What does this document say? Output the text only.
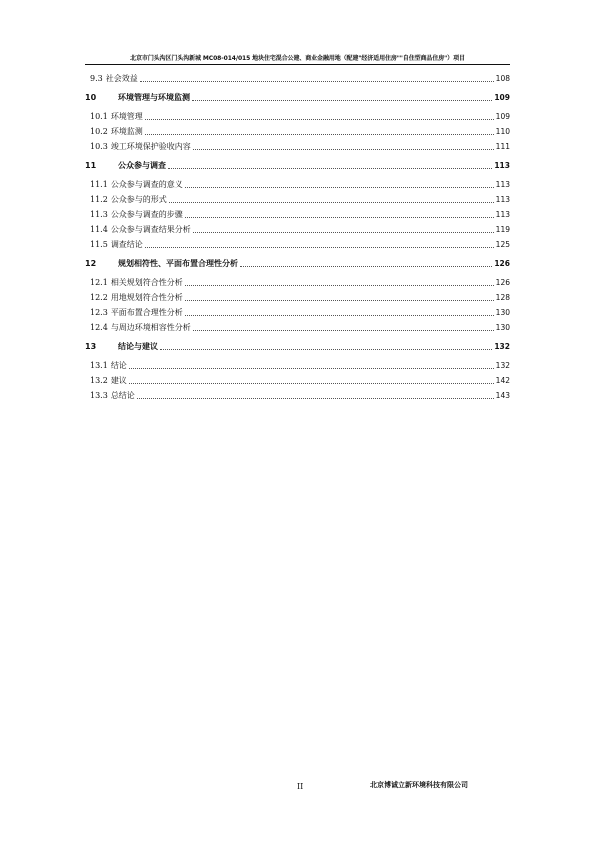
北京市门头沟区门头沟新城 MC08-014/015 地块住宅混合公建、商业金融用地（配建"经济适用住房""自住型商品住房"）项目
9.3 社会效益	108
10	环境管理与环境监测	109
10.1 环境管理	109
10.2 环境监测	110
10.3 竣工环境保护验收内容	111
11	公众参与调查	113
11.1 公众参与调查的意义	113
11.2 公众参与的形式	113
11.3 公众参与调查的步骤	113
11.4 公众参与调查结果分析	119
11.5 调查结论	125
12	规划相符性、平面布置合理性分析	126
12.1 相关规划符合性分析	126
12.2 用地规划符合性分析	128
12.3 平面布置合理性分析	130
12.4 与周边环境相容性分析	130
13	结论与建议	132
13.1 结论	132
13.2 建议	142
13.3 总结论	143
II	北京博诚立新环境科技有限公司
